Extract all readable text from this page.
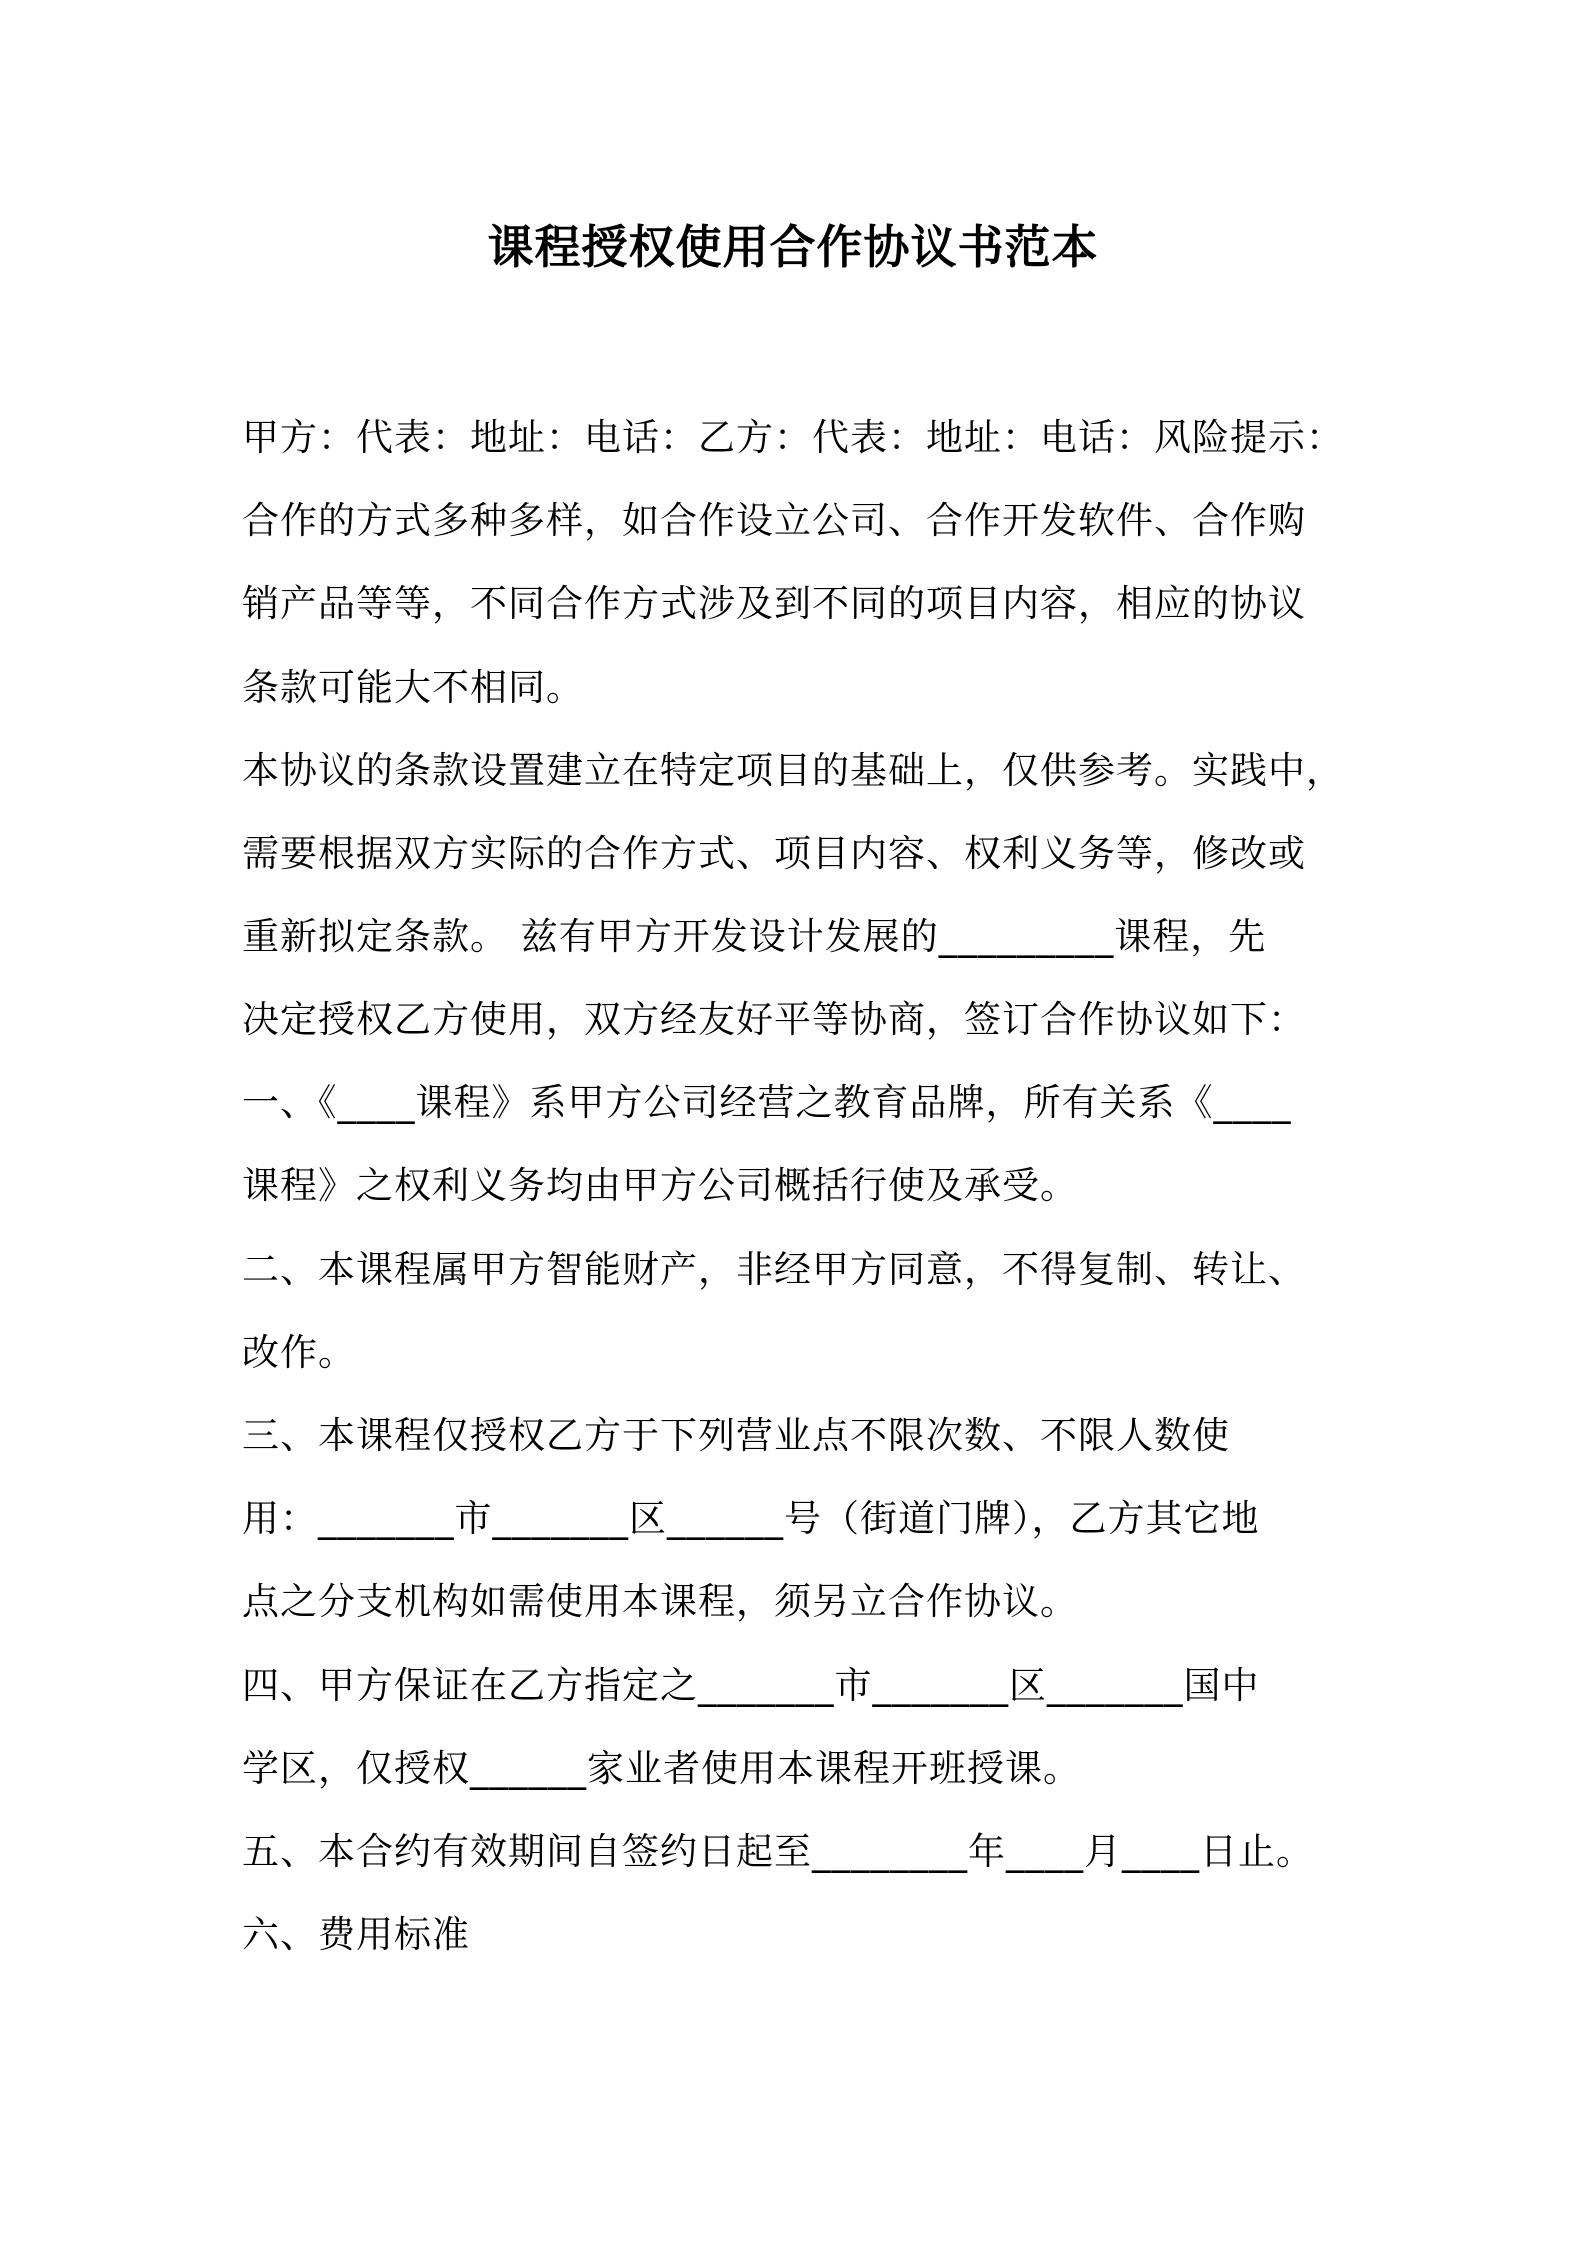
课程授权使用合作协议书范本
甲方：代表：地址：电话：乙方：代表：地址：电话：风险提示：
合作的方式多种多样，如合作设立公司、合作开发软件、合作购
销产品等等，不同合作方式涉及到不同的项目内容，相应的协议
条款可能大不相同。
本协议的条款设置建立在特定项目的基础上，仅供参考。实践中，
需要根据双方实际的合作方式、项目内容、权利义务等，修改或
重新拟定条款。 兹有甲方开发设计发展的_________课程，先
决定授权乙方使用，双方经友好平等协商，签订合作协议如下：
一、《____课程》系甲方公司经营之教育品牌，所有关系《____
课程》之权利义务均由甲方公司概括行使及承受。
二、本课程属甲方智能财产，非经甲方同意，不得复制、转让、
改作。
三、本课程仅授权乙方于下列营业点不限次数、不限人数使
用：_______市_______区______号（街道门牌），乙方其它地
点之分支机构如需使用本课程，须另立合作协议。
四、甲方保证在乙方指定之_______市_______区_______国中
学区，仅授权______家业者使用本课程开班授课。
五、本合约有效期间自签约日起至________年____月____日止。
六、费用标准
